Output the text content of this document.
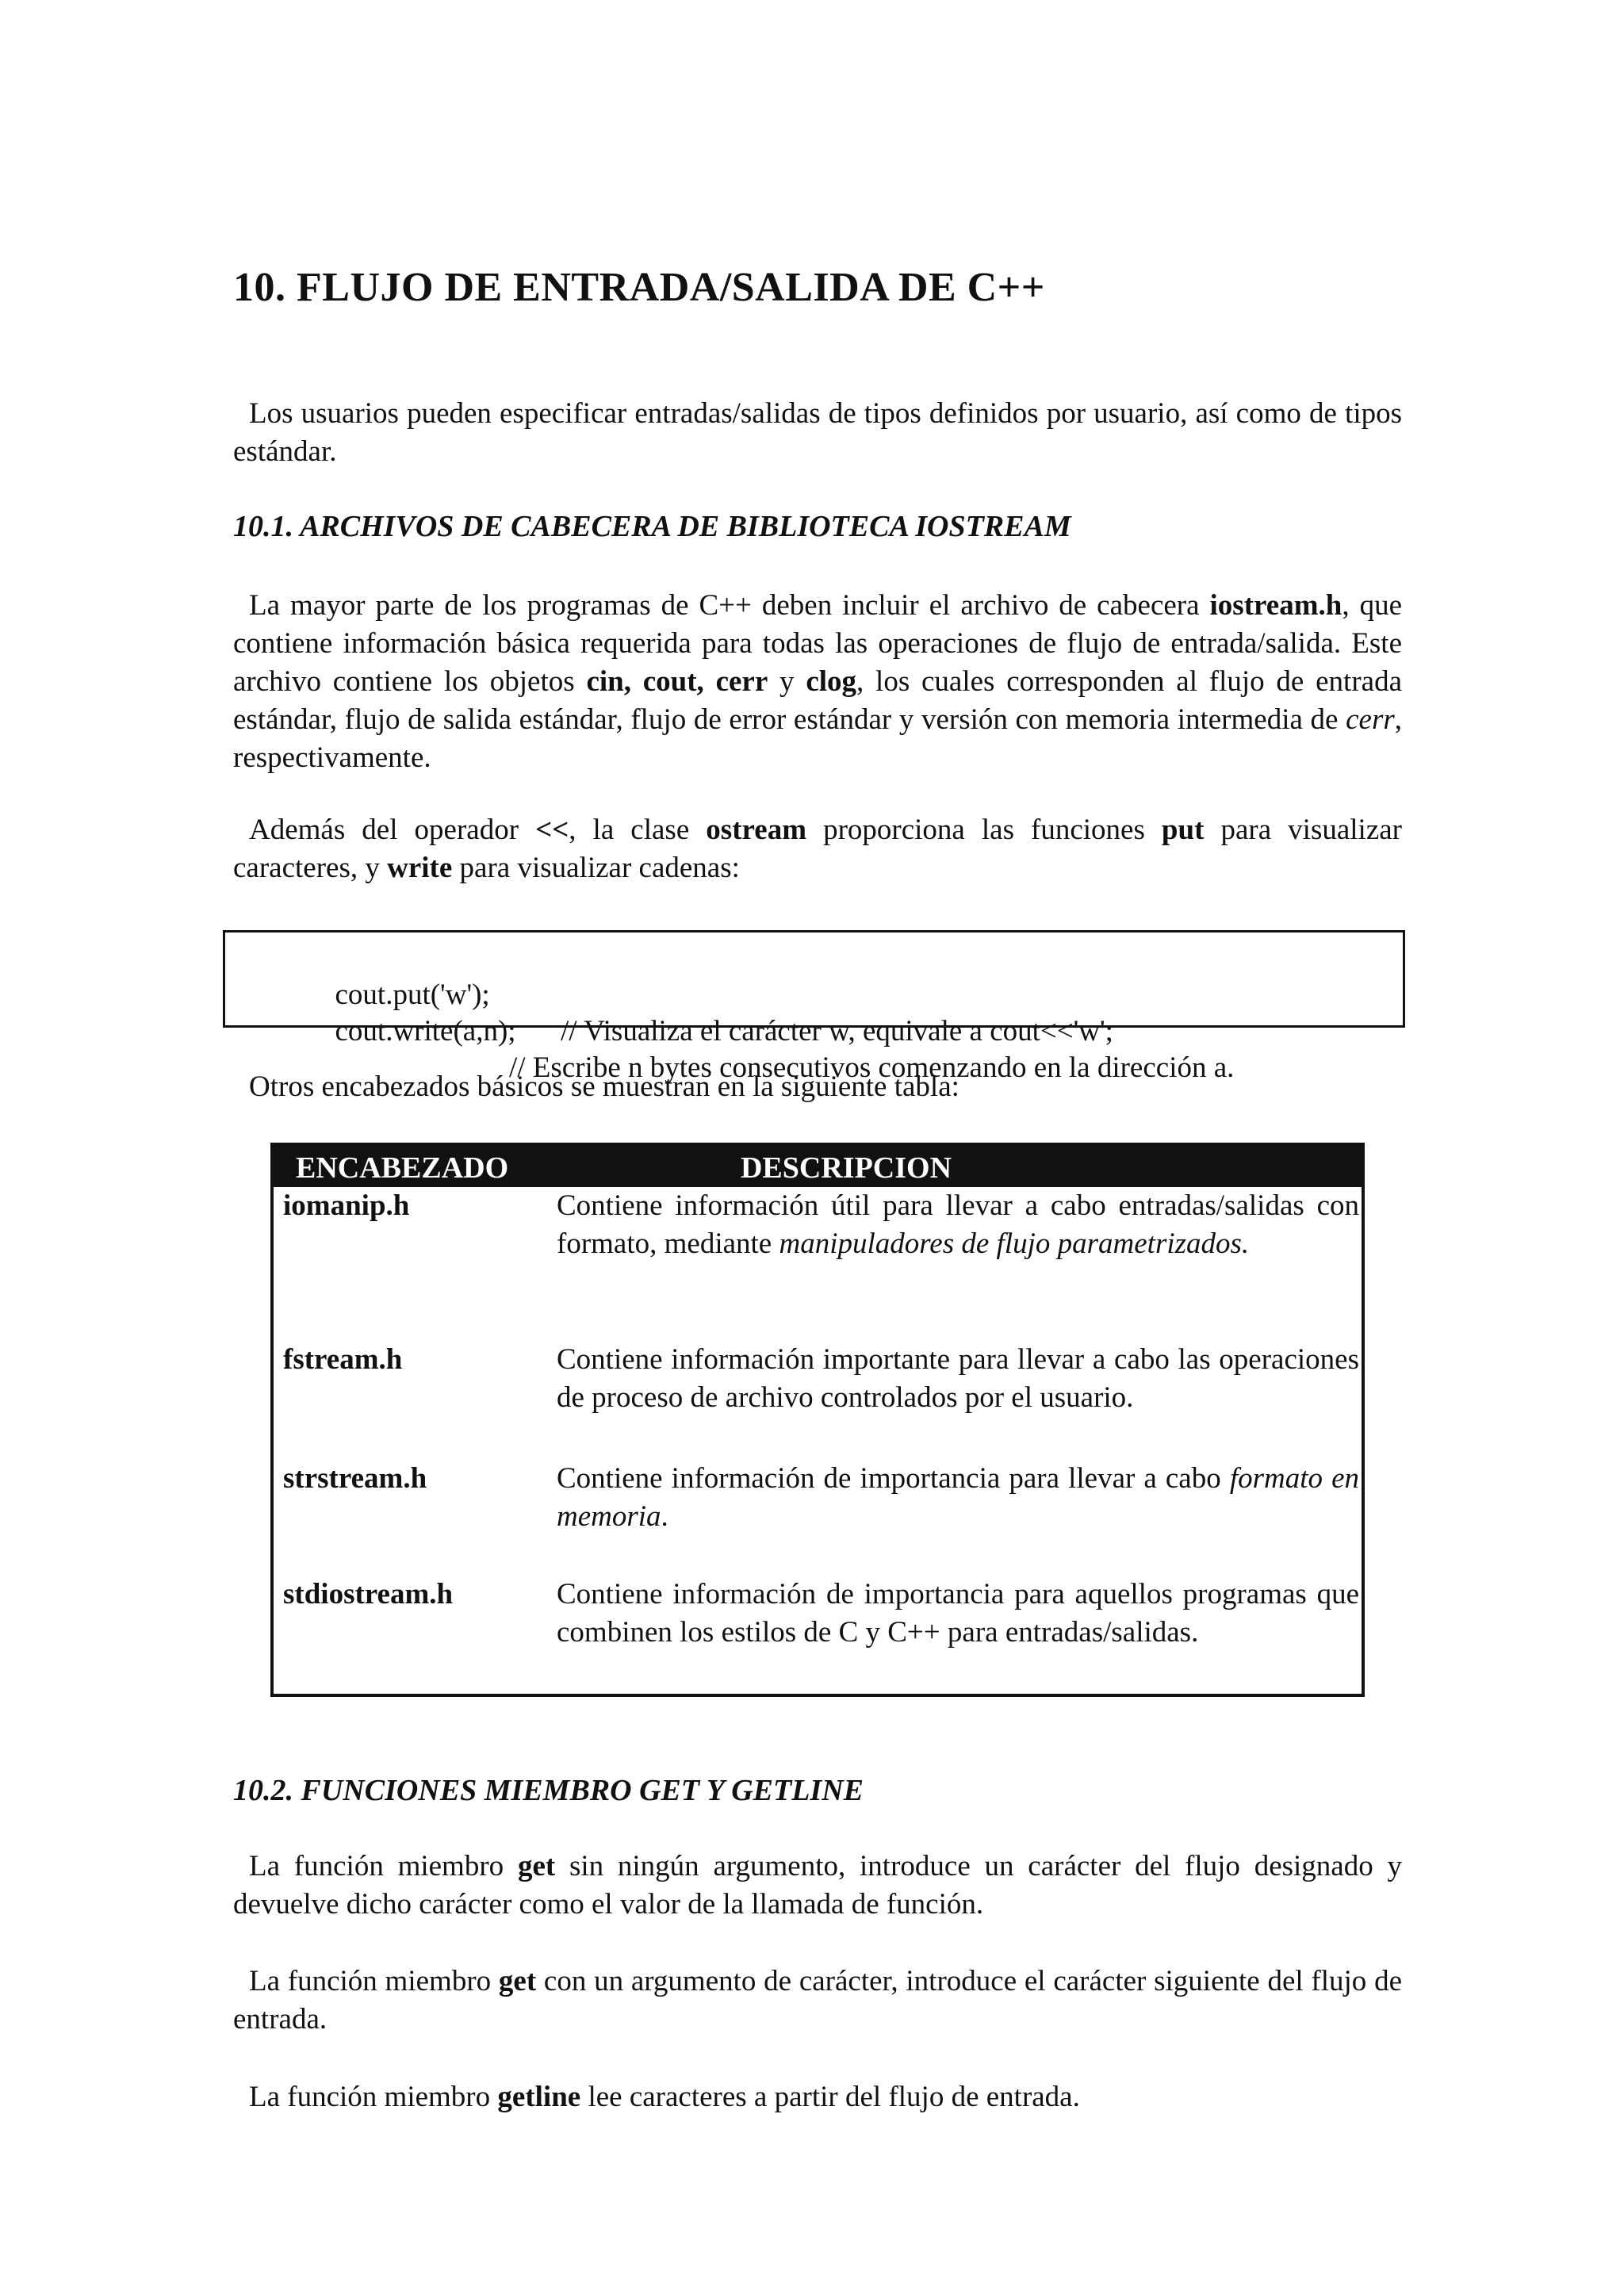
10. FLUJO DE ENTRADA/SALIDA DE C++

Los usuarios pueden especificar entradas/salidas de tipos definidos por usuario, así como de tipos estándar.

10.1. ARCHIVOS DE CABECERA DE BIBLIOTECA IOSTREAM

La mayor parte de los programas de C++ deben incluir el archivo de cabecera iostream.h, que contiene información básica requerida para todas las operaciones de flujo de entrada/salida. Este archivo contiene los objetos cin, cout, cerr y clog, los cuales corresponden al flujo de entrada estándar, flujo de salida estándar, flujo de error estándar y versión con memoria intermedia de cerr, respectivamente.

Además del operador <<, la clase ostream proporciona las funciones put para visualizar caracteres, y write para visualizar cadenas:

cout.put('w');

// Visualiza el carácter w, equivale a cout<<'w';

cout.write(a,n);

// Escribe n bytes consecutivos comenzando en la dirección a.

Otros encabezados básicos se muestran en la siguiente tabla:

ENCABEZADO	DESCRIPCION

iomanip.h	Contiene información útil para llevar a cabo entradas/salidas con formato, mediante manipuladores de flujo parametrizados.

fstream.h	Contiene información importante para llevar a cabo las operaciones de proceso de archivo controlados por el usuario.

strstream.h	Contiene información de importancia para llevar a cabo formato en memoria.

stdiostream.h	Contiene información de importancia para aquellos programas que combinen los estilos de C y C++ para entradas/salidas.

10.2. FUNCIONES MIEMBRO GET Y GETLINE

La función miembro get sin ningún argumento, introduce un carácter del flujo designado y devuelve dicho carácter como el valor de la llamada de función.

La función miembro get con un argumento de carácter, introduce el carácter siguiente del flujo de entrada.

La función miembro getline lee caracteres a partir del flujo de entrada.
